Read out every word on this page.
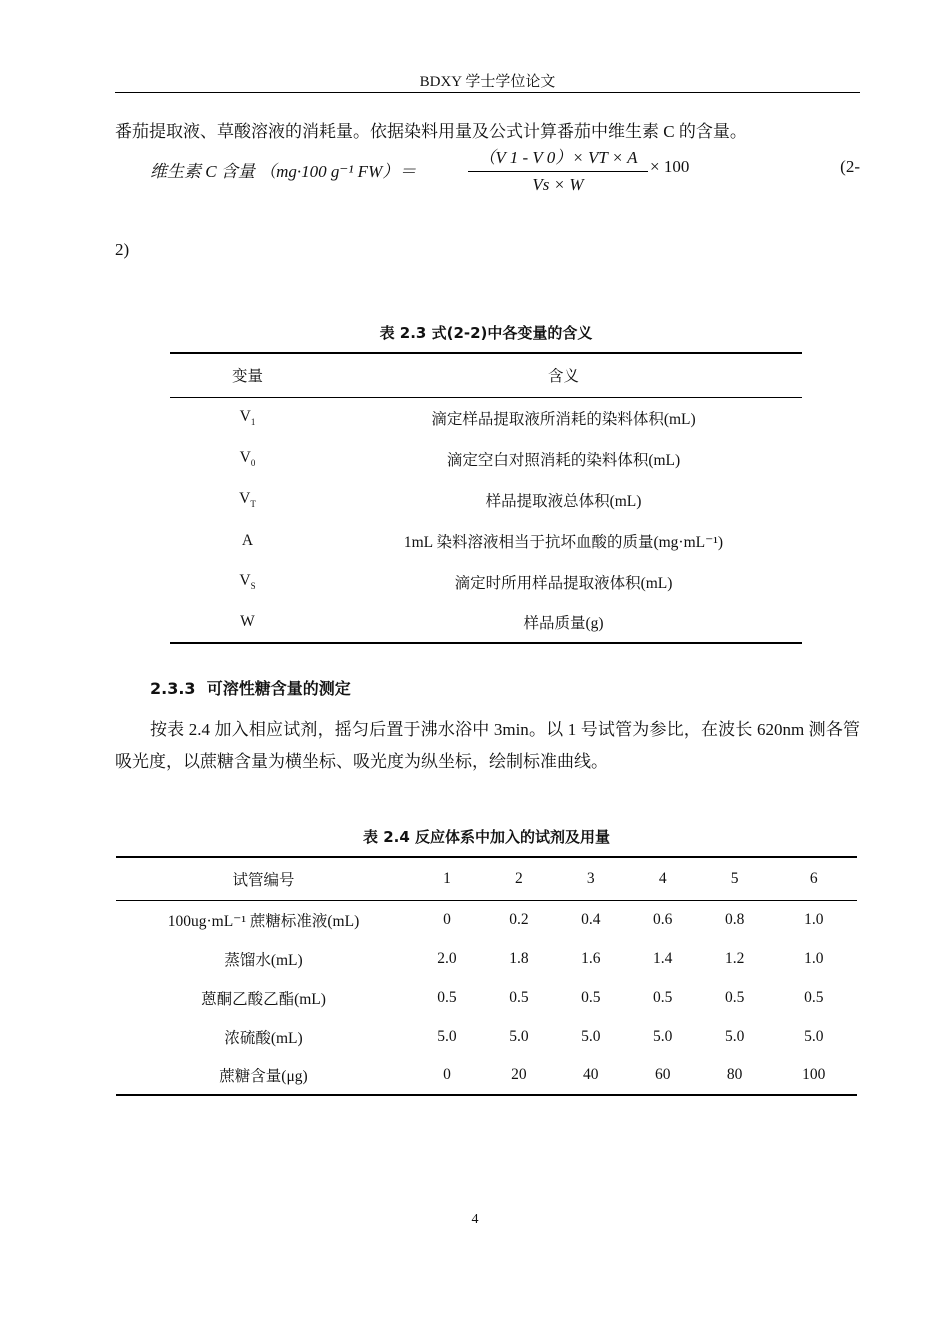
BDXY 学士学位论文
番茄提取液、草酸溶液的消耗量。依据染料用量及公式计算番茄中维生素 C 的含量。
维生素 C 含量 （mg·100 g⁻¹ FW）＝
（V 1 - V 0）× VT × A
Vs × W
× 100	(2-
2)
表 2.3 式(2-2)中各变量的含义
变量	含义
$V_1$	滴定样品提取液所消耗的染料体积(mL)
$V_0$	滴定空白对照消耗的染料体积(mL)
$V_T$	样品提取液总体积(mL)
A	1mL 染料溶液相当于抗坏血酸的质量(mg·mL⁻¹)
$V_S$	滴定时所用样品提取液体积(mL)
W	样品质量(g)
2.3.3 可溶性糖含量的测定
按表 2.4 加入相应试剂，摇匀后置于沸水浴中 3min。以 1 号试管为参比，在波长 620nm 测各管吸光度，以蔗糖含量为横坐标、吸光度为纵坐标，绘制标准曲线。
表 2.4 反应体系中加入的试剂及用量
试管编号	1	2	3	4	5	6
100ug·mL⁻¹ 蔗糖标准液(mL)	0	0.2	0.4	0.6	0.8	1.0
蒸馏水(mL)	2.0	1.8	1.6	1.4	1.2	1.0
蒽酮乙酸乙酯(mL)	0.5	0.5	0.5	0.5	0.5	0.5
浓硫酸(mL)	5.0	5.0	5.0	5.0	5.0	5.0
蔗糖含量(μg)	0	20	40	60	80	100
4
